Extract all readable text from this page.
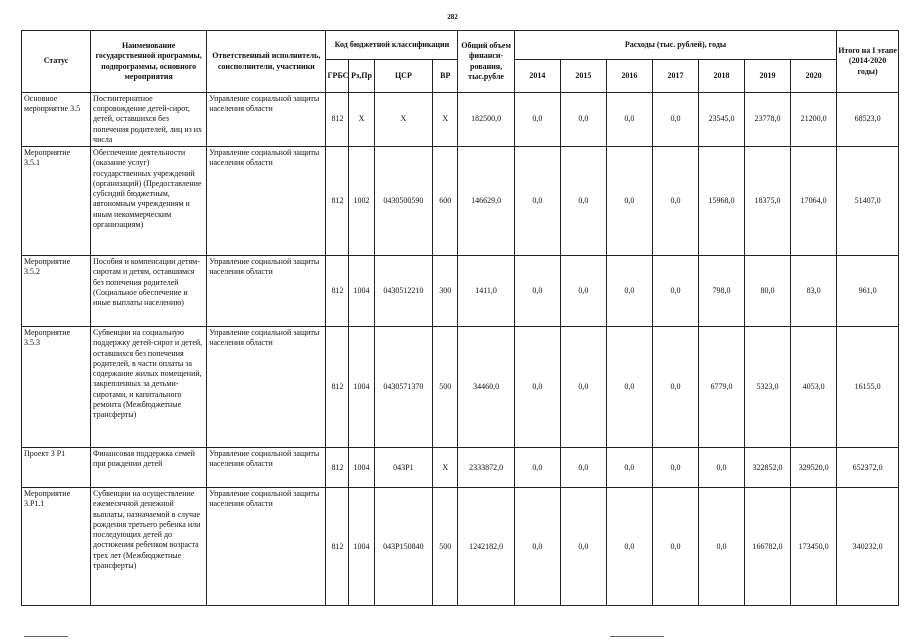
282
Статус	Наименование государственной программы, подпрограммы, основного мероприятия	Ответственный исполнитель, соисполнители, участники	Код бюджетной классификации				Общий объем финанси-рования, тыс.рубле	Расходы (тыс. рублей), годы							Итого на I этапе (2014-2020 годы)
			ГРБС	Рз,Пр	ЦСР	ВР		2014	2015	2016	2017	2018	2019	2020	
Основное мероприятие 3.5	Постинтернатное сопровождение детей-сирот, детей, оставшихся без попечения родителей, лиц из их числа	Управление социальной защиты населения области	812	Х	Х	Х	182500,0	0,0	0,0	0,0	0,0	23545,0	23778,0	21200,0	68523,0
Мероприятие 3.5.1	Обеспечение деятельности (оказание услуг) государственных учреждений (организаций) (Предоставление субсидий бюджетным, автономным учреждениям и иным некоммерческим организациям)	Управление социальной защиты населения области	812	1002	0430500590	600	146629,0	0,0	0,0	0,0	0,0	15968,0	18375,0	17064,0	51407,0
Мероприятие 3.5.2	Пособия и компенсации детям-сиротам и детям, оставшимся без попечения родителей (Социальное обеспечение и иные выплаты населению)	Управление социальной защиты населения области	812	1004	0430512210	300	1411,0	0,0	0,0	0,0	0,0	798,0	80,0	83,0	961,0
Мероприятие 3.5.3	Субвенции на социальную поддержку детей-сирот и детей, оставшихся без попечения родителей, в части оплаты за содержание жилых помещений, закрепленных за детьми-сиротами, и капитального ремонта (Межбюджетные трансферты)	Управление социальной защиты населения области	812	1004	0430571370	500	34460,0	0,0	0,0	0,0	0,0	6779,0	5323,0	4053,0	16155,0
Проект 3 Р1	Финансовая поддержка семей при рождении детей	Управление социальной защиты населения области	812	1004	043Р1	Х	2333872,0	0,0	0,0	0,0	0,0	0,0	322852,0	329520,0	652372,0
Мероприятие 3.Р1.1	Субвенции на осуществление ежемесячной денежной выплаты, назначаемой в случае рождения третьего ребенка или последующих детей до достижения ребенком возраста трех лет (Межбюджетные трансферты)	Управление социальной защиты населения области	812	1004	043Р150840	500	1242182,0	0,0	0,0	0,0	0,0	0,0	166782,0	173450,0	340232,0
